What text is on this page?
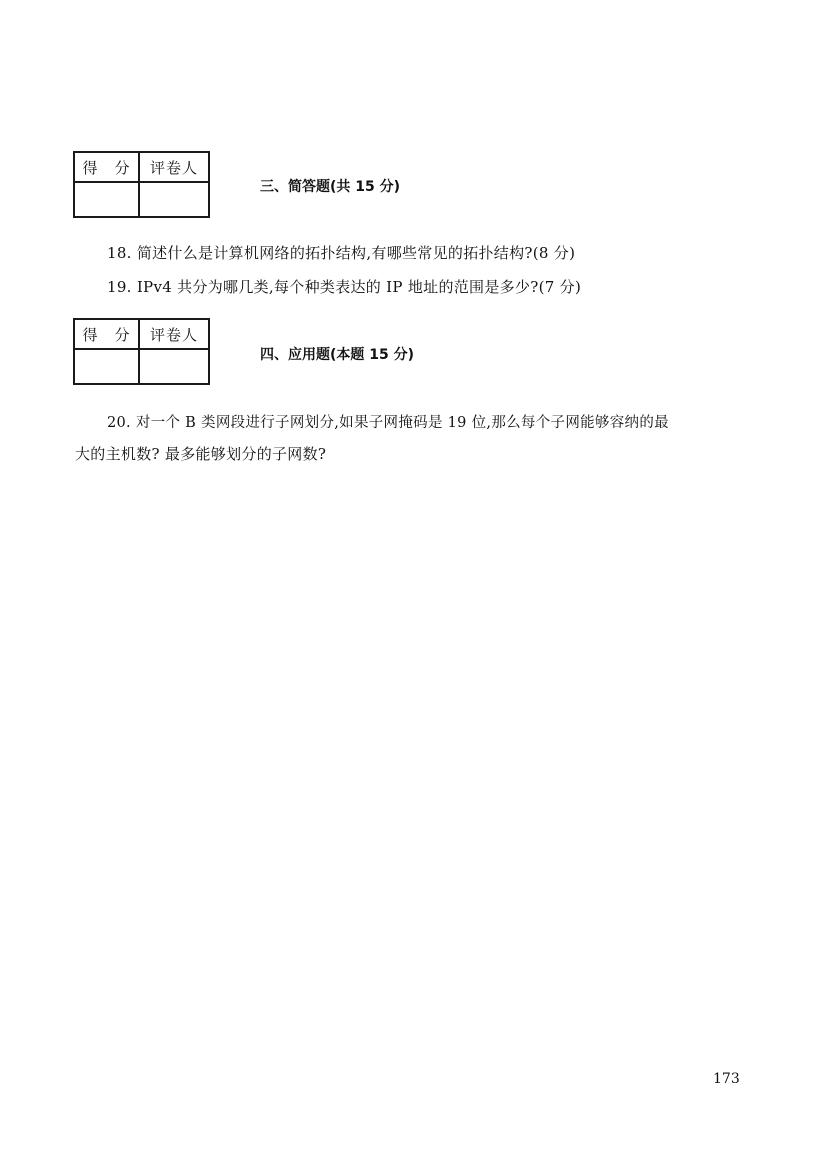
得　分	评卷人
三、简答题(共 15 分)
18. 简述什么是计算机网络的拓扑结构,有哪些常见的拓扑结构?(8 分)
19. IPv4 共分为哪几类,每个种类表达的 IP 地址的范围是多少?(7 分)
得　分	评卷人
四、应用题(本题 15 分)
20. 对一个 B 类网段进行子网划分,如果子网掩码是 19 位,那么每个子网能够容纳的最
大的主机数? 最多能够划分的子网数?
173
